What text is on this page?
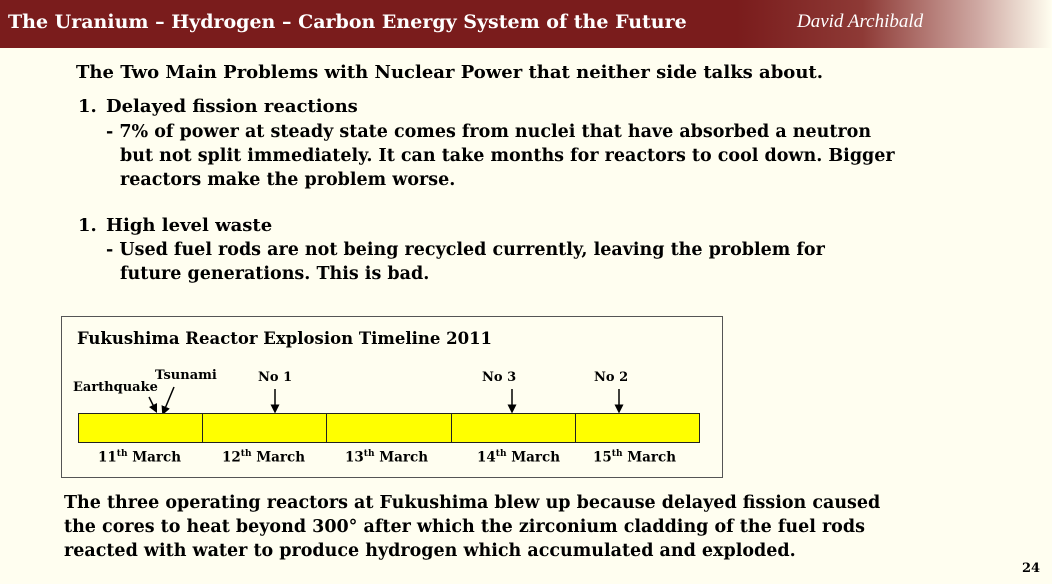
The Uranium – Hydrogen – Carbon Energy System of the Future	David Archibald
The Two Main Problems with Nuclear Power that neither side talks about.
1. Delayed fission reactions
- 7% of power at steady state comes from nuclei that have absorbed a neutron
but not split immediately. It can take months for reactors to cool down. Bigger
reactors make the problem worse.
1. High level waste
- Used fuel rods are not being recycled currently, leaving the problem for
future generations. This is bad.
Fukushima Reactor Explosion Timeline 2011
Earthquake
Tsunami	No 1	No 3	No 2
11th March	12th March	13th March	14th March 15th March
The three operating reactors at Fukushima blew up because delayed fission caused
the cores to heat beyond 300° after which the zirconium cladding of the fuel rods
reacted with water to produce hydrogen which accumulated and exploded.
24
